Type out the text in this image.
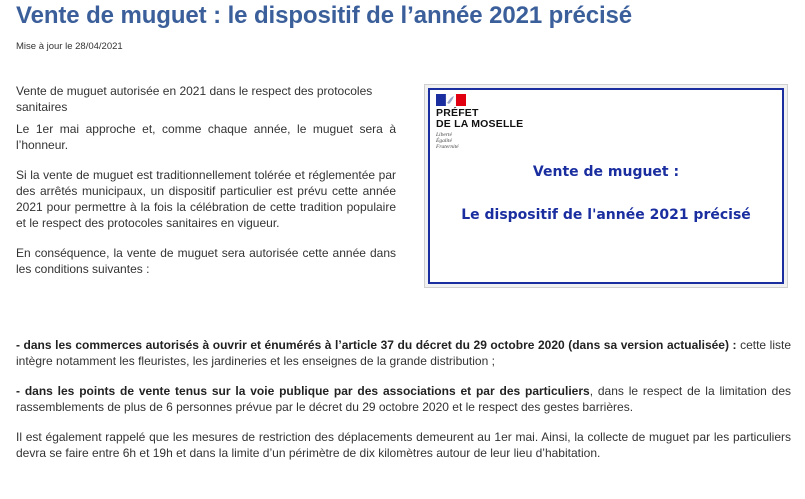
Vente de muguet : le dispositif de l’année 2021 précisé
Mise à jour le 28/04/2021

Vente de muguet autorisée en 2021 dans le respect des protocoles sanitaires

Le 1er mai approche et, comme chaque année, le muguet sera à l’honneur.

Si la vente de muguet est traditionnellement tolérée et réglementée par des arrêtés municipaux, un dispositif particulier est prévu cette année 2021 pour permettre à la fois la célébration de cette tradition populaire et le respect des protocoles sanitaires en vigueur.

En conséquence, la vente de muguet sera autorisée cette année dans les conditions suivantes :

PRÉFET
DE LA MOSELLE
Liberté
Égalité
Fraternité
Vente de muguet :
Le dispositif de l'année 2021 précisé

- dans les commerces autorisés à ouvrir et énumérés à l’article 37 du décret du 29 octobre 2020 (dans sa version actualisée) : cette liste intègre notamment les fleuristes, les jardineries et les enseignes de la grande distribution ;

- dans les points de vente tenus sur la voie publique par des associations et par des particuliers, dans le respect de la limitation des rassemblements de plus de 6 personnes prévue par le décret du 29 octobre 2020 et le respect des gestes barrières.

Il est également rappelé que les mesures de restriction des déplacements demeurent au 1er mai. Ainsi, la collecte de muguet par les particuliers devra se faire entre 6h et 19h et dans la limite d’un périmètre de dix kilomètres autour de leur lieu d’habitation.
